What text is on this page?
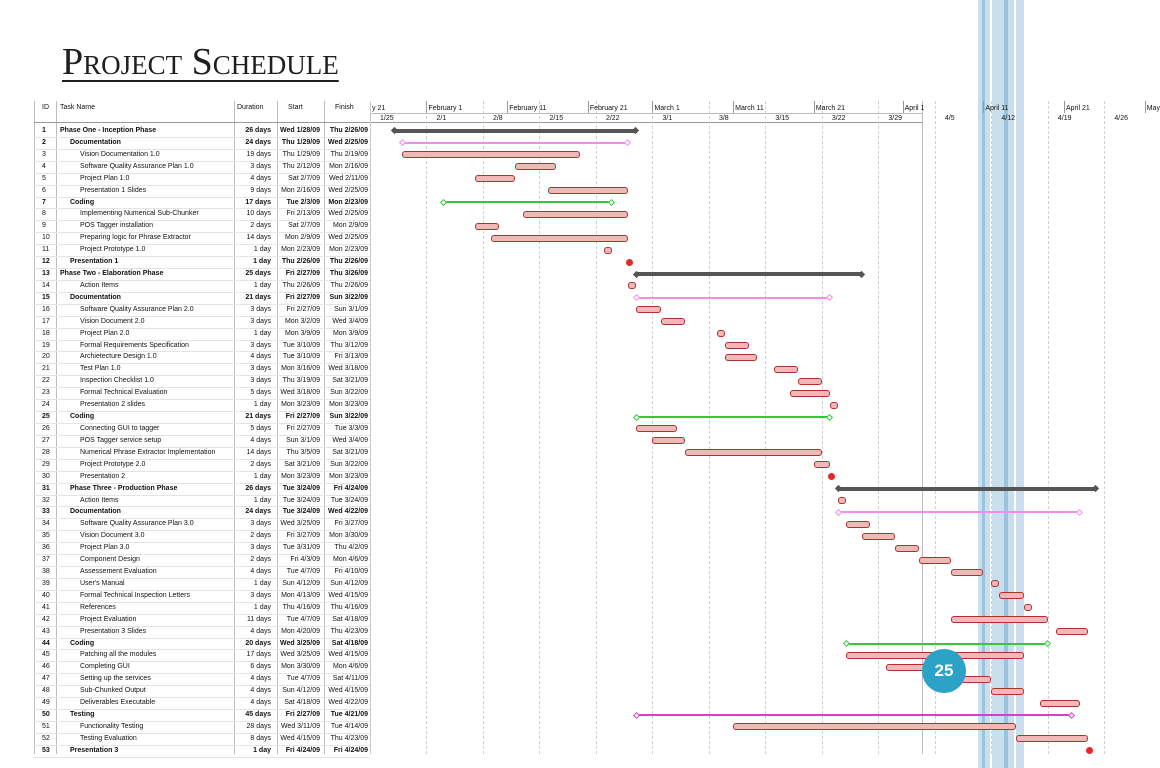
Project Schedule
1/25	2/1	2/8	2/15	2/22	3/1	3/8	3/15	3/22	3/29	4/5	4/12	4/19	4/26
y 21	February 1	February 11	February 21	March 1	March 11	March 21	April 1	April 11	April 21	May
ID Task Name	Duration	Start	Finish
1 Phase One - Inception Phase	26 days	Wed 1/28/09	Thu 2/26/09
2	Documentation	24 days	Thu 1/29/09	Wed 2/25/09
3	Vision Documentation 1.0	19 days	Thu 1/29/09	Thu 2/19/09
4	Software Quality Assurance Plan 1.0	3 days	Thu 2/12/09	Mon 2/16/09
5	Project Plan 1.0	4 days	Sat 2/7/09	Wed 2/11/09
6	Presentation 1 Slides	9 days	Mon 2/16/09	Wed 2/25/09
7	Coding	17 days	Tue 2/3/09	Mon 2/23/09
8	Implementing Numerical Sub-Chunker	10 days	Fri 2/13/09	Wed 2/25/09
9	POS Tagger installation	2 days	Sat 2/7/09	Mon 2/9/09
10	Preparing logic for Phrase Extractor	14 days	Mon 2/9/09	Wed 2/25/09
11	Project Prototype 1.0	1 day	Mon 2/23/09	Mon 2/23/09
12	Presentation 1	1 day	Thu 2/26/09	Thu 2/26/09
13 Phase Two - Elaboration Phase	25 days	Fri 2/27/09	Thu 3/26/09
14	Action Items	1 day	Thu 2/26/09	Thu 2/26/09
15	Documentation	21 days	Fri 2/27/09	Sun 3/22/09
16	Software Quality Assurance Plan 2.0	3 days	Fri 2/27/09	Sun 3/1/09
17	Vision Document 2.0	3 days	Mon 3/2/09	Wed 3/4/09
18	Project Plan 2.0	1 day	Mon 3/9/09	Mon 3/9/09
19	Formal Requirements Specification	3 days	Tue 3/10/09	Thu 3/12/09
20	Archietecture Design 1.0	4 days	Tue 3/10/09	Fri 3/13/09
21	Test Plan 1.0	3 days	Mon 3/16/09	Wed 3/18/09
22	Inspection Checklist 1.0	3 days	Thu 3/19/09	Sat 3/21/09
23	Formal Technical Evaluation	5 days	Wed 3/18/09	Sun 3/22/09
24	Presentation 2 slides	1 day	Mon 3/23/09	Mon 3/23/09
25	Coding	21 days	Fri 2/27/09	Sun 3/22/09
26	Connecting GUI to tagger	5 days	Fri 2/27/09	Tue 3/3/09
27	POS Tagger service setup	4 days	Sun 3/1/09	Wed 3/4/09
28	Numerical Phrase Extractor Implementation	14 days	Thu 3/5/09	Sat 3/21/09
29	Project Prototype 2.0	2 days	Sat 3/21/09	Sun 3/22/09
30	Presentation 2	1 day	Mon 3/23/09	Mon 3/23/09
31	Phase Three - Production Phase	26 days	Tue 3/24/09	Fri 4/24/09
32	Action Items	1 day	Tue 3/24/09	Tue 3/24/09
33	Documentation	24 days	Tue 3/24/09	Wed 4/22/09
34	Software Quality Assurance Plan 3.0	3 days	Wed 3/25/09	Fri 3/27/09
35	Vision Document 3.0	2 days	Fri 3/27/09	Mon 3/30/09
36	Project Plan 3.0	3 days	Tue 3/31/09	Thu 4/2/09
37	Component Design	2 days	Fri 4/3/09	Mon 4/6/09
38	Assessement Evaluation	4 days	Tue 4/7/09	Fri 4/10/09
39	User's Manual	1 day	Sun 4/12/09	Sun 4/12/09
40	Formal Technical Inspection Letters	3 days	Mon 4/13/09	Wed 4/15/09
41	References	1 day	Thu 4/16/09	Thu 4/16/09
42	Project Evaluation	11 days	Tue 4/7/09	Sat 4/18/09
43	Presentation 3 Slides	4 days	Mon 4/20/09	Thu 4/23/09
44	Coding	20 days	Wed 3/25/09	Sat 4/18/09
45	Patching all the modules	17 days	Wed 3/25/09	Wed 4/15/09
46	Completing GUI	6 days	Mon 3/30/09	Mon 4/6/09
47	Setting up the services	4 days	Tue 4/7/09	Sat 4/11/09
48	Sub-Chunked Output	4 days	Sun 4/12/09	Wed 4/15/09
49	Deliverables Executable	4 days	Sat 4/18/09	Wed 4/22/09
50	Testing	45 days	Fri 2/27/09	Tue 4/21/09
51	Functionality Testing	28 days	Wed 3/11/09	Tue 4/14/09
52	Testing Evaluation	8 days	Wed 4/15/09	Thu 4/23/09
53	Presentation 3	1 day	Fri 4/24/09	Fri 4/24/09
25
